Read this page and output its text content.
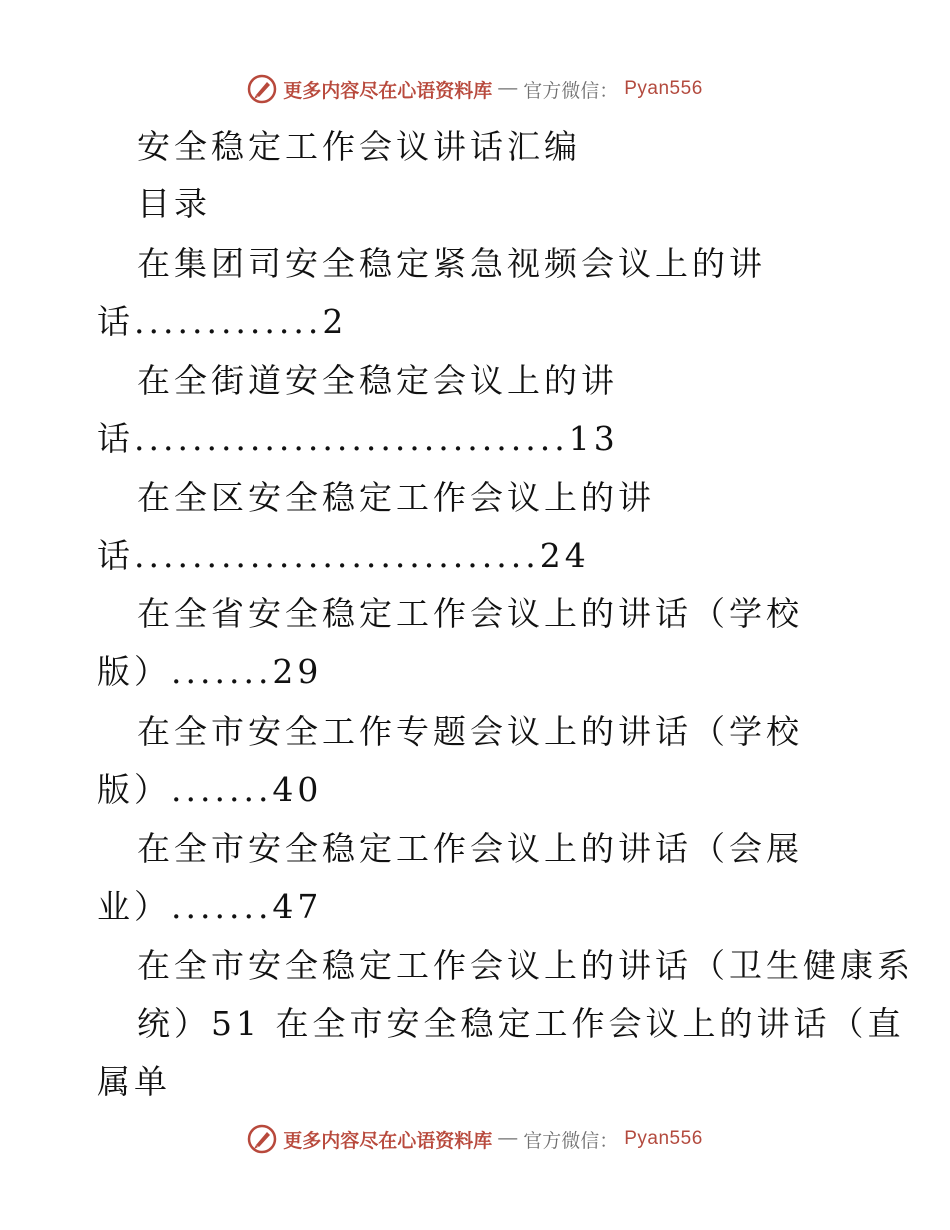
更多内容尽在心语资料库 — 官方微信： Pyan556
安全稳定工作会议讲话汇编
目录
在集团司安全稳定紧急视频会议上的讲
话.............2
在全街道安全稳定会议上的讲
话..............................13
在全区安全稳定工作会议上的讲
话............................24
在全省安全稳定工作会议上的讲话（学校
版）.......29
在全市安全工作专题会议上的讲话（学校
版）.......40
在全市安全稳定工作会议上的讲话（会展
业）.......47
在全市安全稳定工作会议上的讲话（卫生健康系
统）51 在全市安全稳定工作会议上的讲话（直
属单
更多内容尽在心语资料库 — 官方微信： Pyan556
